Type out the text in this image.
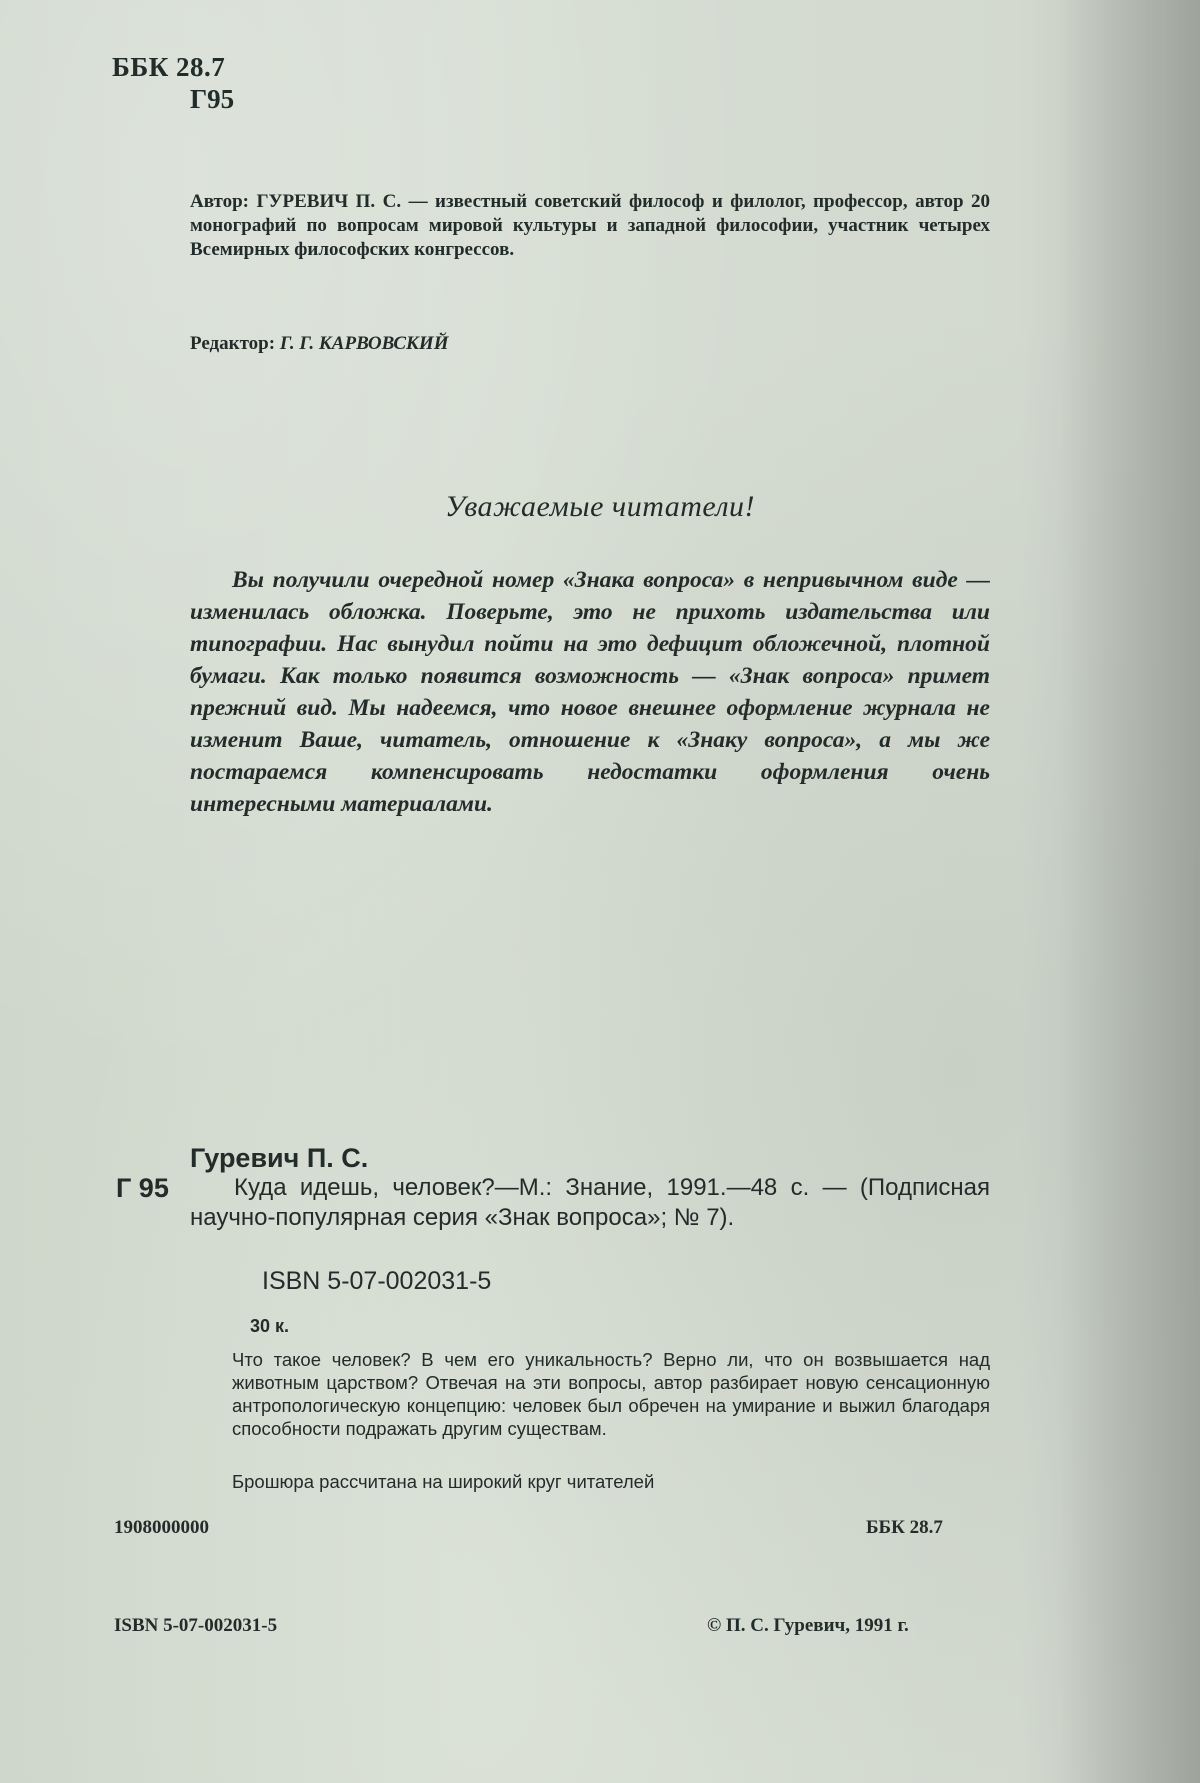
ББК 28.7
Г95
Автор: ГУРЕВИЧ П. С. — известный советский философ и филолог, профессор, автор 20 монографий по вопросам мировой культуры и западной философии, участник четырех Всемирных философских конгрессов.
Редактор: Г. Г. КАРВОВСКИЙ
Уважаемые читатели!
Вы получили очередной номер «Знака вопроса» в непривычном виде — изменилась обложка. Поверьте, это не прихоть издательства или типографии. Нас вынудил пойти на это дефицит обложечной, плотной бумаги. Как только появится возможность — «Знак вопроса» примет прежний вид. Мы надеемся, что новое внешнее оформление журнала не изменит Ваше, читатель, отношение к «Знаку вопроса», а мы же постараемся компенсировать недостатки оформления очень интересными материалами.
Гуревич П. С.
Г 95	Куда идешь, человек?—М.: Знание, 1991.—48 с. — (Подписная научно-популярная серия «Знак вопроса»; № 7).
ISBN 5-07-002031-5
30 к.
Что такое человек? В чем его уникальность? Верно ли, что он возвышается над животным царством? Отвечая на эти вопросы, автор разбирает новую сенсационную антропологическую концепцию: человек был обречен на умирание и выжил благодаря способности подражать другим существам.
Брошюра рассчитана на широкий круг читателей
1908000000	ББК 28.7
ISBN 5-07-002031-5	© П. С. Гуревич, 1991 г.
